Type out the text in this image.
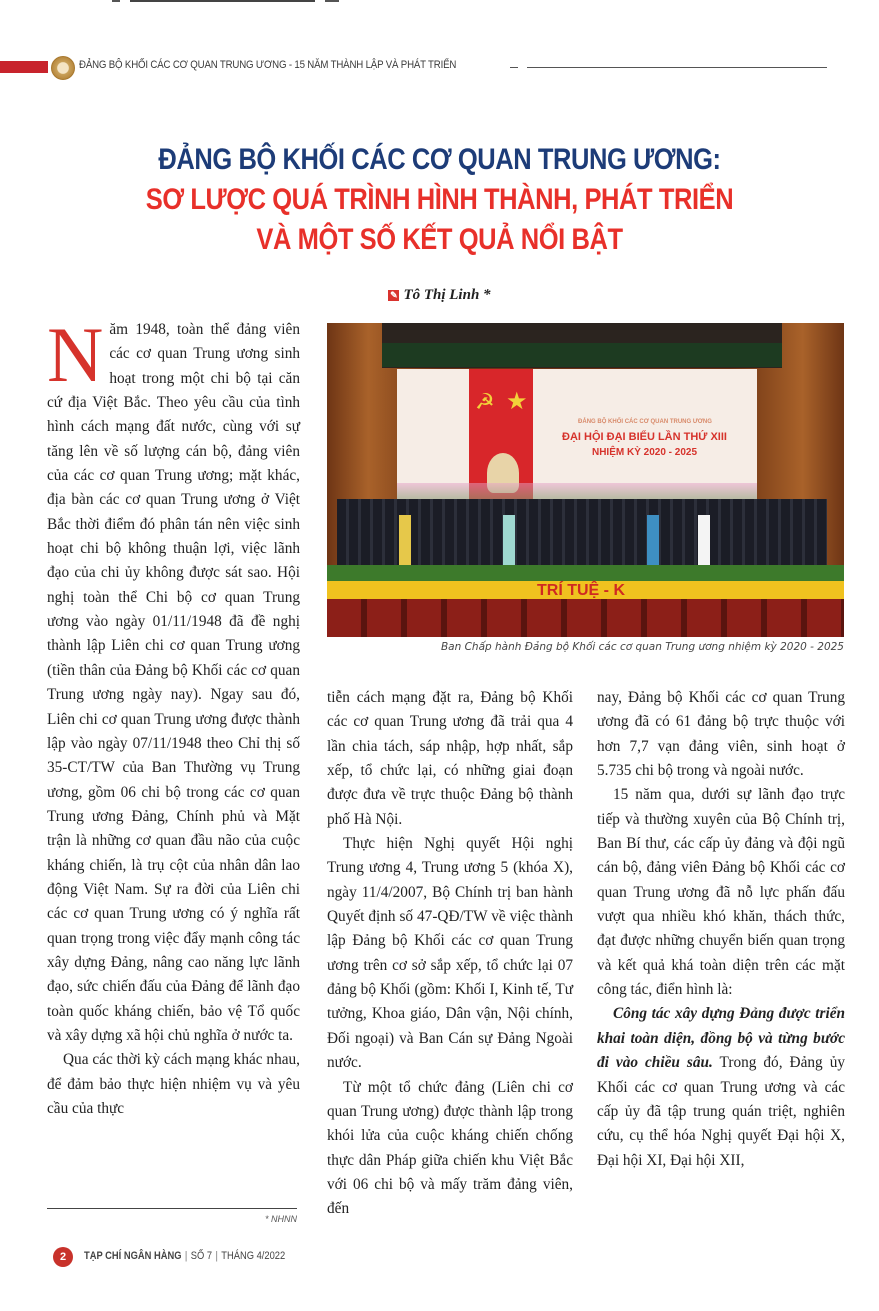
ĐẢNG BỘ KHỐI CÁC CƠ QUAN TRUNG ƯƠNG - 15 NĂM THÀNH LẬP VÀ PHÁT TRIỂN
ĐẢNG BỘ KHỐI CÁC CƠ QUAN TRUNG ƯƠNG:
SƠ LƯỢC QUÁ TRÌNH HÌNH THÀNH, PHÁT TRIỂN
VÀ MỘT SỐ KẾT QUẢ NỔI BẬT
✎ Tô Thị Linh *

Năm 1948, toàn thể đảng viên các cơ quan Trung ương sinh hoạt trong một chi bộ tại căn cứ địa Việt Bắc. Theo yêu cầu của tình hình cách mạng đất nước, cùng với sự tăng lên về số lượng cán bộ, đảng viên của các cơ quan Trung ương; mặt khác, địa bàn các cơ quan Trung ương ở Việt Bắc thời điểm đó phân tán nên việc sinh hoạt chi bộ không thuận lợi, việc lãnh đạo của chi ủy không được sát sao. Hội nghị toàn thể Chi bộ cơ quan Trung ương vào ngày 01/11/1948 đã đề nghị thành lập Liên chi cơ quan Trung ương (tiền thân của Đảng bộ Khối các cơ quan Trung ương ngày nay). Ngay sau đó, Liên chi cơ quan Trung ương được thành lập vào ngày 07/11/1948 theo Chỉ thị số 35-CT/TW của Ban Thường vụ Trung ương, gồm 06 chi bộ trong các cơ quan Trung ương Đảng, Chính phủ và Mặt trận là những cơ quan đầu não của cuộc kháng chiến, là trụ cột của nhân dân lao động Việt Nam. Sự ra đời của Liên chi các cơ quan Trung ương có ý nghĩa rất quan trọng trong việc đẩy mạnh công tác xây dựng Đảng, nâng cao năng lực lãnh đạo, sức chiến đấu của Đảng để lãnh đạo toàn quốc kháng chiến, bảo vệ Tổ quốc và xây dựng xã hội chủ nghĩa ở nước ta.

Qua các thời kỳ cách mạng khác nhau, để đảm bảo thực hiện nhiệm vụ và yêu cầu của thực

☭ ★
ĐẢNG BỘ KHỐI CÁC CƠ QUAN TRUNG ƯƠNG
ĐẠI HỘI ĐẠI BIỂU LẦN THỨ XIII
NHIỆM KỲ 2020 - 2025
TRÍ TUỆ - K
Ban Chấp hành Đảng bộ Khối các cơ quan Trung ương nhiệm kỳ 2020 - 2025

tiễn cách mạng đặt ra, Đảng bộ Khối các cơ quan Trung ương đã trải qua 4 lần chia tách, sáp nhập, hợp nhất, sắp xếp, tổ chức lại, có những giai đoạn được đưa về trực thuộc Đảng bộ thành phố Hà Nội.

Thực hiện Nghị quyết Hội nghị Trung ương 4, Trung ương 5 (khóa X), ngày 11/4/2007, Bộ Chính trị ban hành Quyết định số 47-QĐ/TW về việc thành lập Đảng bộ Khối các cơ quan Trung ương trên cơ sở sắp xếp, tổ chức lại 07 đảng bộ Khối (gồm: Khối I, Kinh tế, Tư tưởng, Khoa giáo, Dân vận, Nội chính, Đối ngoại) và Ban Cán sự Đảng Ngoài nước.

Từ một tổ chức đảng (Liên chi cơ quan Trung ương) được thành lập trong khói lửa của cuộc kháng chiến chống thực dân Pháp giữa chiến khu Việt Bắc với 06 chi bộ và mấy trăm đảng viên, đến

nay, Đảng bộ Khối các cơ quan Trung ương đã có 61 đảng bộ trực thuộc với hơn 7,7 vạn đảng viên, sinh hoạt ở 5.735 chi bộ trong và ngoài nước.

15 năm qua, dưới sự lãnh đạo trực tiếp và thường xuyên của Bộ Chính trị, Ban Bí thư, các cấp ủy đảng và đội ngũ cán bộ, đảng viên Đảng bộ Khối các cơ quan Trung ương đã nỗ lực phấn đấu vượt qua nhiều khó khăn, thách thức, đạt được những chuyển biến quan trọng và kết quả khá toàn diện trên các mặt công tác, điển hình là:

Công tác xây dựng Đảng được triển khai toàn diện, đồng bộ và từng bước đi vào chiều sâu. Trong đó, Đảng ủy Khối các cơ quan Trung ương và các cấp ủy đã tập trung quán triệt, nghiên cứu, cụ thể hóa Nghị quyết Đại hội X, Đại hội XI, Đại hội XII,

* NHNN
2	TẠP CHÍ NGÂN HÀNG | SỐ 7 | THÁNG 4/2022
